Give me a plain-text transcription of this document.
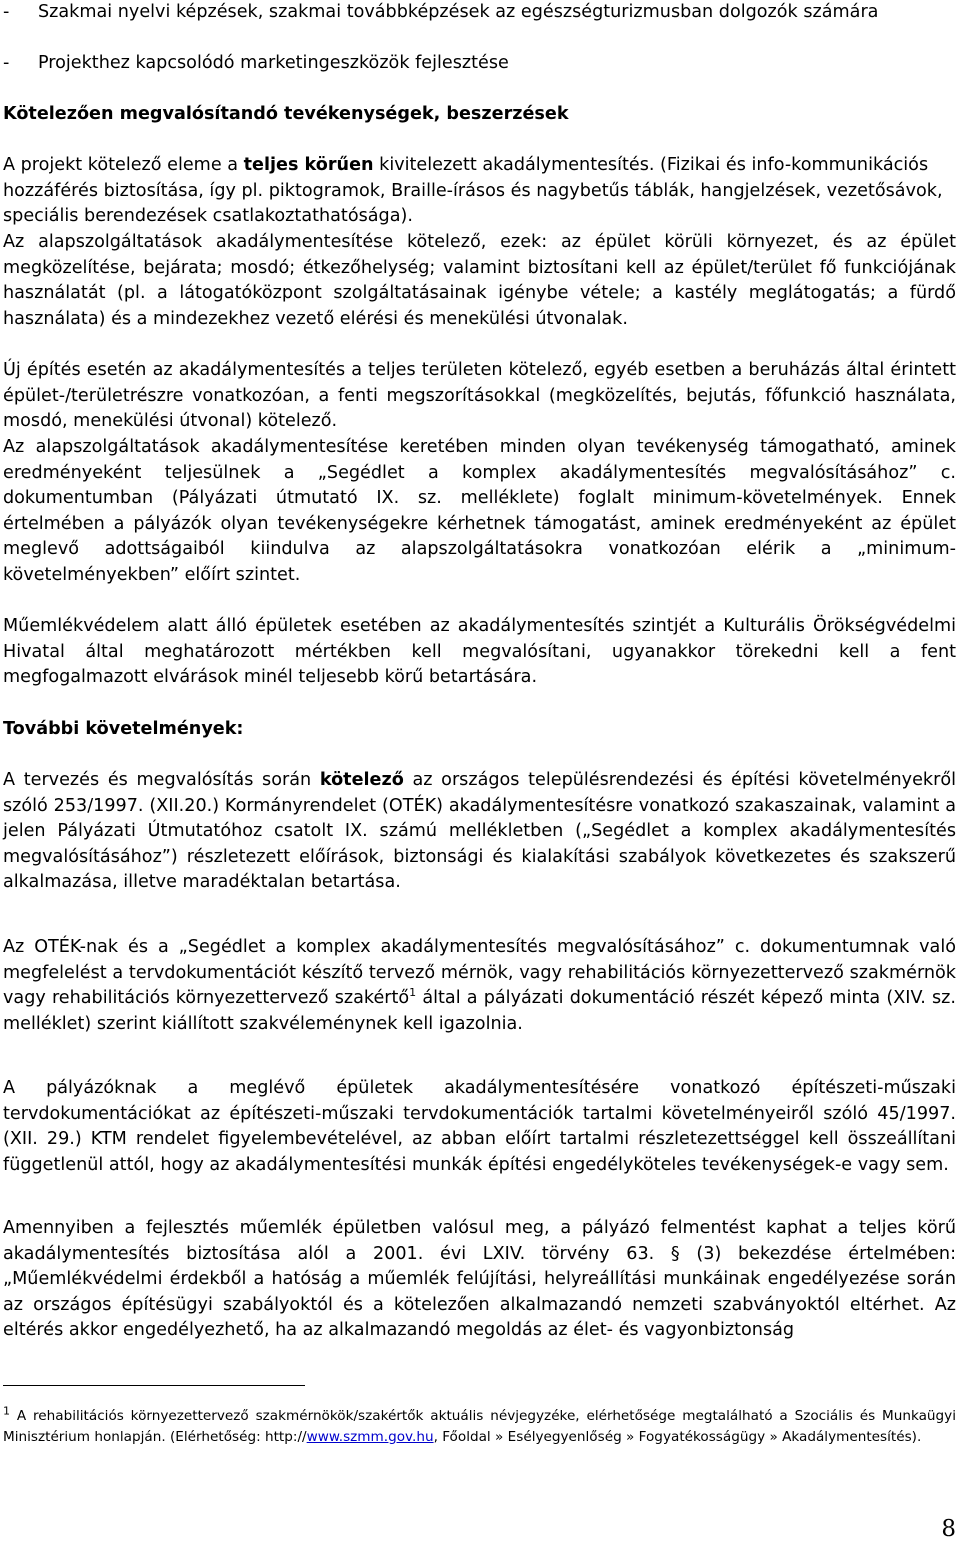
-	Szakmai nyelvi képzések, szakmai továbbképzések az egészségturizmusban dolgozók számára
-	Projekthez kapcsolódó marketingeszközök fejlesztése
Kötelezően megvalósítandó tevékenységek, beszerzések

A projekt kötelező eleme a teljes körűen kivitelezett akadálymentesítés. (Fizikai és info-kommunikációs hozzáférés biztosítása, így pl. piktogramok, Braille-írásos és nagybetűs táblák, hangjelzések, vezetősávok, speciális berendezések csatlakoztathatósága).

Az alapszolgáltatások akadálymentesítése kötelező, ezek: az épület körüli környezet, és az épület megközelítése, bejárata; mosdó; étkezőhelység; valamint biztosítani kell az épület/terület fő funkciójának használatát (pl. a látogatóközpont szolgáltatásainak igénybe vétele; a kastély meglátogatás; a fürdő használata) és a mindezekhez vezető elérési és menekülési útvonalak.

Új építés esetén az akadálymentesítés a teljes területen kötelező, egyéb esetben a beruházás által érintett épület-/területrészre vonatkozóan, a fenti megszorításokkal (megközelítés, bejutás, főfunkció használata, mosdó, menekülési útvonal) kötelező.

Az alapszolgáltatások akadálymentesítése keretében minden olyan tevékenység támogatható, aminek eredményeként teljesülnek a „Segédlet a komplex akadálymentesítés megvalósításához” c. dokumentumban (Pályázati útmutató IX. sz. melléklete) foglalt minimum-követelmények. Ennek értelmében a pályázók olyan tevékenységekre kérhetnek támogatást, aminek eredményeként az épület meglevő adottságaiból kiindulva az alapszolgáltatásokra vonatkozóan elérik a „minimum-követelményekben” előírt szintet.

Műemlékvédelem alatt álló épületek esetében az akadálymentesítés szintjét a Kulturális Örökségvédelmi Hivatal által meghatározott mértékben kell megvalósítani, ugyanakkor törekedni kell a fent megfogalmazott elvárások minél teljesebb körű betartására.

További követelmények:

A tervezés és megvalósítás során kötelező az országos településrendezési és építési követelményekről szóló 253/1997. (XII.20.) Kormányrendelet (OTÉK) akadálymentesítésre vonatkozó szakaszainak, valamint a jelen Pályázati Útmutatóhoz csatolt IX. számú mellékletben („Segédlet a komplex akadálymentesítés megvalósításához”) részletezett előírások, biztonsági és kialakítási szabályok következetes és szakszerű alkalmazása, illetve maradéktalan betartása.

Az OTÉK-nak és a „Segédlet a komplex akadálymentesítés megvalósításához” c. dokumentumnak való megfelelést a tervdokumentációt készítő tervező mérnök, vagy rehabilitációs környezettervező szakmérnök vagy rehabilitációs környezettervező szakértő$^1$ által a pályázati dokumentáció részét képező minta (XIV. sz. melléklet) szerint kiállított szakvéleménynek kell igazolnia.

A pályázóknak a meglévő épületek akadálymentesítésére vonatkozó építészeti-műszaki tervdokumentációkat az építészeti-műszaki tervdokumentációk tartalmi követelményeiről szóló 45/1997. (XII. 29.) KTM rendelet figyelembevételével, az abban előírt tartalmi részletezettséggel kell összeállítani függetlenül attól, hogy az akadálymentesítési munkák építési engedélyköteles tevékenységek-e vagy sem.

Amennyiben a fejlesztés műemlék épületben valósul meg, a pályázó felmentést kaphat a teljes körű akadálymentesítés biztosítása alól a 2001. évi LXIV. törvény 63. § (3) bekezdése értelmében: „Műemlékvédelmi érdekből a hatóság a műemlék felújítási, helyreállítási munkáinak engedélyezése során az országos építésügyi szabályoktól és a kötelezően alkalmazandó nemzeti szabványoktól eltérhet. Az eltérés akkor engedélyezhető, ha az alkalmazandó megoldás az élet- és vagyonbiztonság

$^1$ A rehabilitációs környezettervező szakmérnökök/szakértők aktuális névjegyzéke, elérhetősége megtalálható a Szociális és Munkaügyi Minisztérium honlapján. (Elérhetőség: http://www.szmm.gov.hu, Főoldal » Esélyegyenlőség » Fogyatékosságügy » Akadálymentesítés).
8
